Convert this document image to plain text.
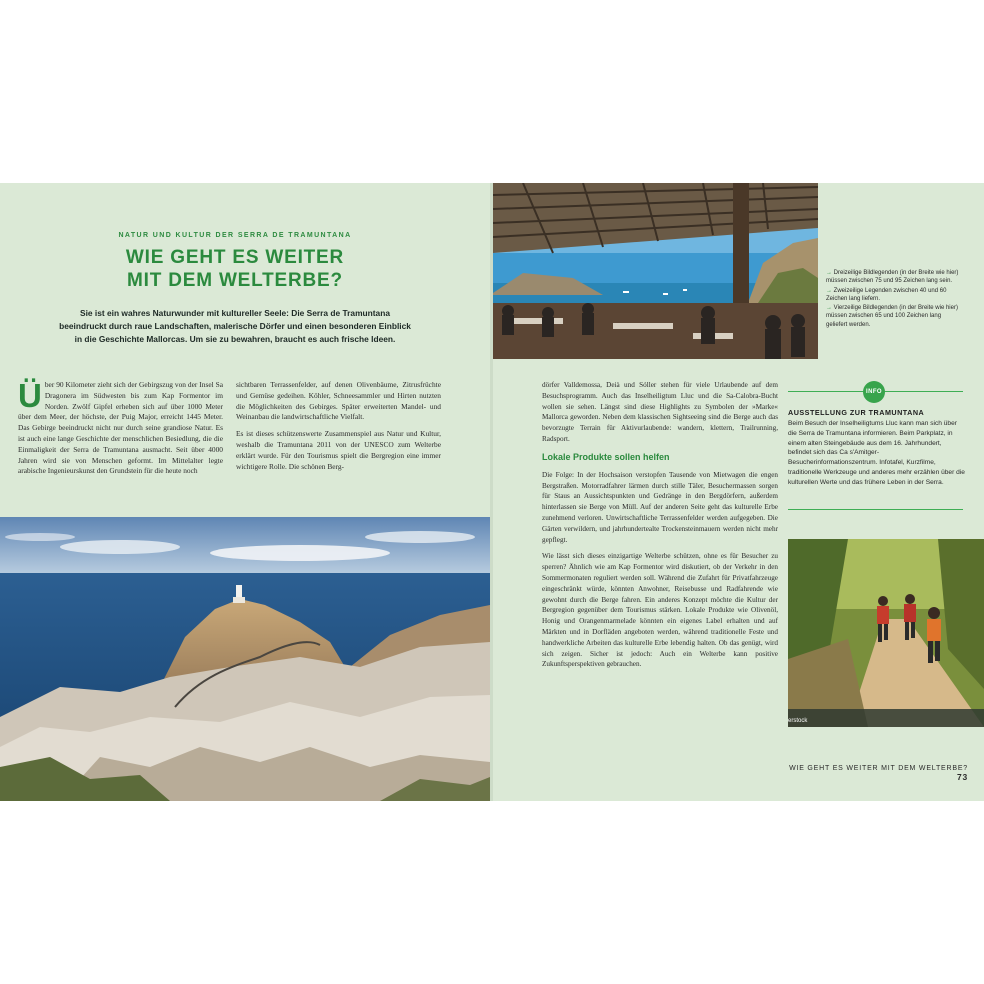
NATUR UND KULTUR DER SERRA DE TRAMUNTANA
WIE GEHT ES WEITER
MIT DEM WELTERBE?
Sie ist ein wahres Naturwunder mit kultureller Seele: Die Serra de Tramuntana beeindruckt durch raue Landschaften, malerische Dörfer und einen besonderen Einblick in die Geschichte Mallorcas. Um sie zu bewahren, braucht es auch frische Ideen.

Über 90 Kilometer zieht sich der Gebirgszug von der Insel Sa Dragonera im Südwesten bis zum Kap Formentor im Norden. Zwölf Gipfel erheben sich auf über 1000 Meter über dem Meer, der höchste, der Puig Major, erreicht 1445 Meter. Das Gebirge beeindruckt nicht nur durch seine grandiose Natur. Es ist auch eine lange Geschichte der menschlichen Besiedlung, die die Einmaligkeit der Serra de Tramuntana ausmacht. Seit über 4000 Jahren wird sie von Menschen geformt. Im Mittelalter legte arabische Ingenieurskunst den Grundstein für die heute noch

sichtbaren Terrassenfelder, auf denen Olivenbäume, Zitrusfrüchte und Gemüse gedeihen. Köhler, Schneesammler und Hirten nutzten die Möglichkeiten des Gebirges. Später erweiterten Mandel- und Weinanbau die landwirtschaftliche Vielfalt.

Es ist dieses schützenswerte Zusammenspiel aus Natur und Kultur, weshalb die Tramuntana 2011 von der UNESCO zum Welterbe erklärt wurde. Für den Tourismus spielt die Bergregion eine immer wichtigere Rolle. Die schönen Berg-

→ Dreizeilige Bildlegenden (in der Breite wie hier) müssen zwischen 75 und 95 Zeichen lang sein.

→ Zweizeilige Legenden zwischen 40 und 60 Zeichen lang liefern.

→ Vierzeilige Bildlegenden (in der Breite wie hier) müssen zwischen 65 und 100 Zeichen lang geliefert werden.

dörfer Valldemossa, Deià und Sóller stehen für viele Urlaubende auf dem Besuchsprogramm. Auch das Inselheiligtum Lluc und die Sa-Calobra-Bucht wollen sie sehen. Längst sind diese Highlights zu Symbolen der »Marke« Mallorca geworden. Neben dem klassischen Sightseeing sind die Berge auch das bevorzugte Terrain für Aktivurlaubende: wandern, klettern, Trailrunning, Radsport.

Lokale Produkte sollen helfen

Die Folge: In der Hochsaison verstopfen Tausende von Mietwagen die engen Bergstraßen. Motorradfahrer lärmen durch stille Täler, Besuchermassen sorgen für Staus an Aussichtspunkten und Gedränge in den Bergdörfern, außerdem hinterlassen sie Berge von Müll. Auf der anderen Seite geht das kulturelle Erbe zunehmend verloren. Unwirtschaftliche Terrassenfelder werden aufgegeben. Die Gärten verwildern, und jahrhundertealte Trockensteinmauern werden nicht mehr gepflegt.

Wie lässt sich dieses einzigartige Welterbe schützen, ohne es für Besucher zu sperren? Ähnlich wie am Kap Formentor wird diskutiert, ob der Verkehr in den Sommermonaten reguliert werden soll. Während die Zufahrt für Privatfahrzeuge eingeschränkt würde, könnten Anwohner, Reisebusse und Radfahrende wie gewohnt durch die Berge fahren. Ein anderes Konzept möchte die Kultur der Bergregion gegenüber dem Tourismus stärken. Lokale Produkte wie Olivenöl, Honig und Orangenmarmelade könnten ein eigenes Label erhalten und auf Märkten und in Dorfläden angeboten werden, während traditionelle Feste und handwerkliche Arbeiten das kulturelle Erbe lebendig halten. Ob das genügt, wird sich zeigen. Sicher ist jedoch: Auch ein Welterbe kann positive Zukunftsperspektiven gebrauchen.

INFO
AUSSTELLUNG ZUR TRAMUNTANA
Beim Besuch der Inselheiligtums Lluc kann man sich über die Serra de Tramuntana informieren. Beim Parkplatz, in einem alten Steingebäude aus dem 16. Jahrhundert, befindet sich das Ca s'Amitger-Besucherinformationszentrum. Infotafel, Kurzfilme, traditionelle Werkzeuge und anderes mehr erzählen über die kulturellen Werte und das frühere Leben in der Serra.
erstock
WIE GEHT ES WEITER MIT DEM WELTERBE? 73
